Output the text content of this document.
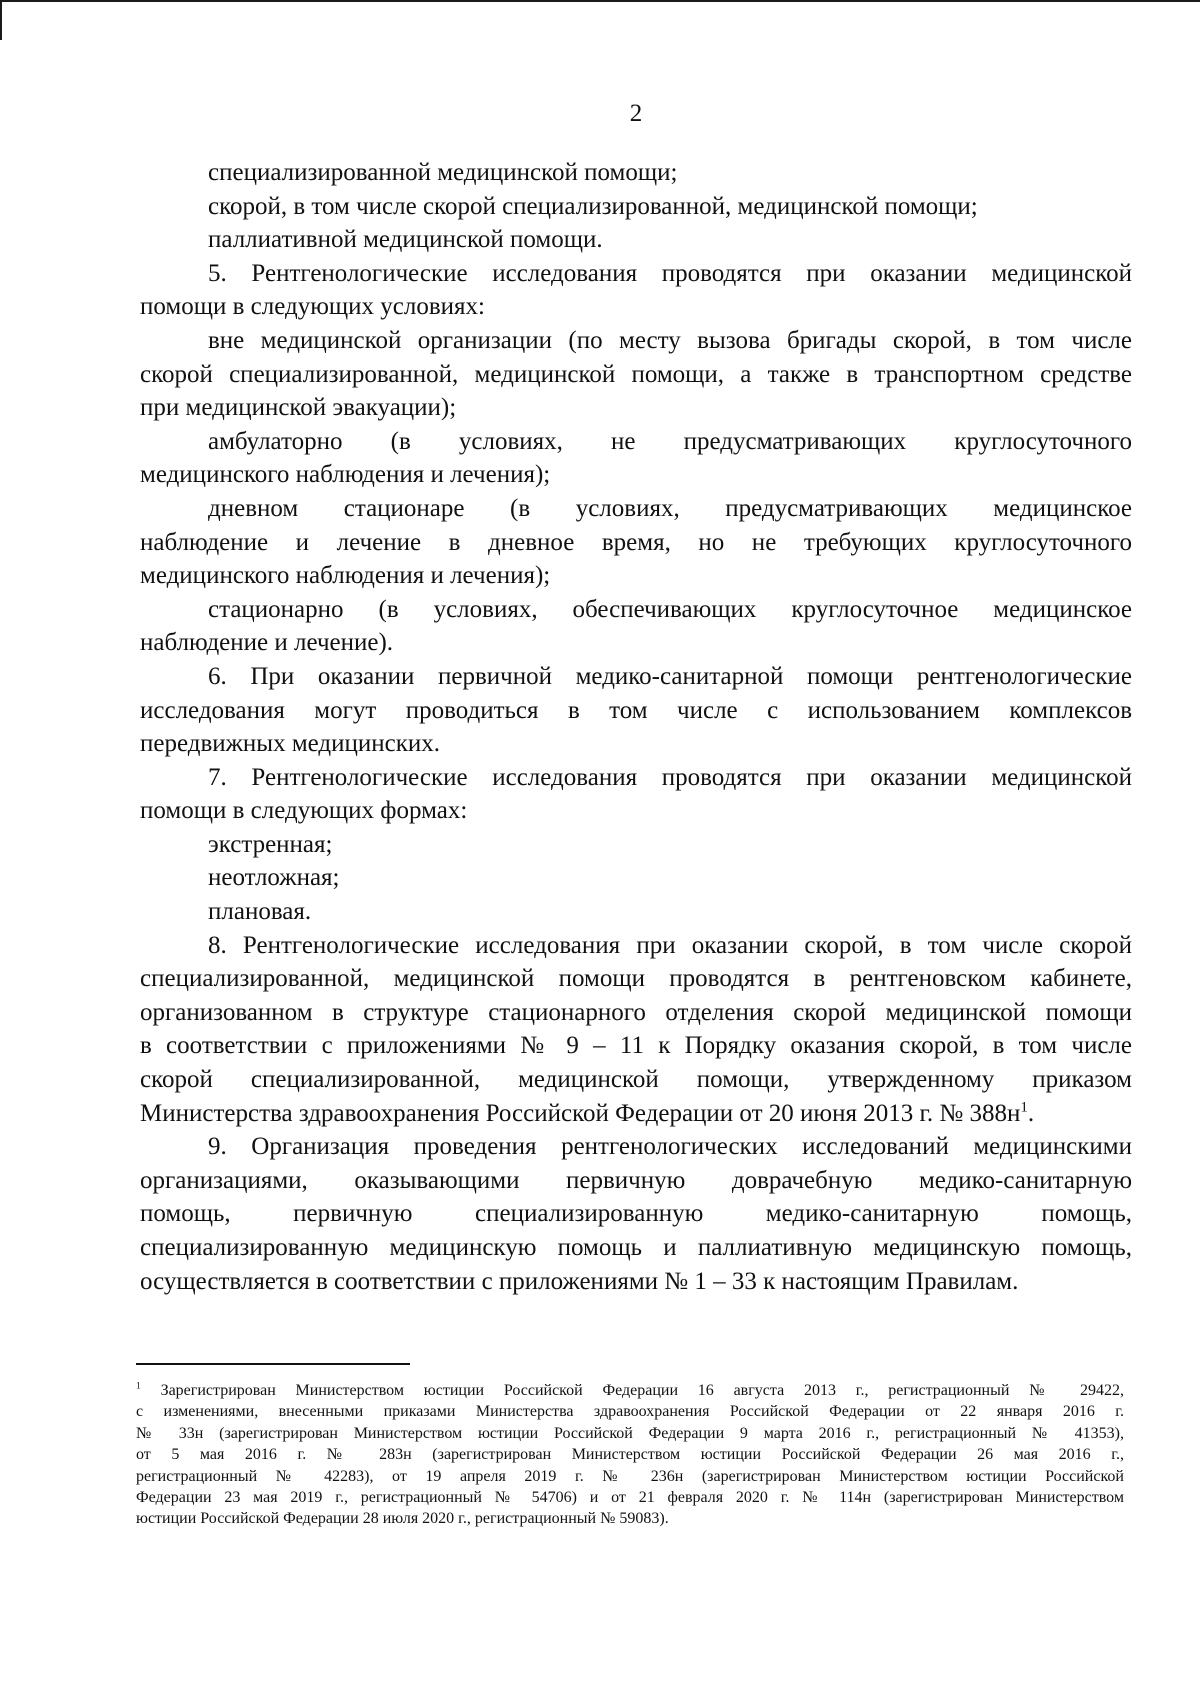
2
специализированной медицинской помощи;
скорой, в том числе скорой специализированной, медицинской помощи;
паллиативной медицинской помощи.
5. Рентгенологические исследования проводятся при оказании медицинской
помощи в следующих условиях:
вне медицинской организации (по месту вызова бригады скорой, в том числе
скорой специализированной, медицинской помощи, а также в транспортном средстве
при медицинской эвакуации);
амбулаторно (в условиях, не предусматривающих круглосуточного
медицинского наблюдения и лечения);
дневном стационаре (в условиях, предусматривающих медицинское
наблюдение и лечение в дневное время, но не требующих круглосуточного
медицинского наблюдения и лечения);
стационарно (в условиях, обеспечивающих круглосуточное медицинское
наблюдение и лечение).
6. При оказании первичной медико-санитарной помощи рентгенологические
исследования могут проводиться в том числе с использованием комплексов
передвижных медицинских.
7. Рентгенологические исследования проводятся при оказании медицинской
помощи в следующих формах:
экстренная;
неотложная;
плановая.
8. Рентгенологические исследования при оказании скорой, в том числе скорой
специализированной, медицинской помощи проводятся в рентгеновском кабинете,
организованном в структуре стационарного отделения скорой медицинской помощи
в соответствии с приложениями № 9 – 11 к Порядку оказания скорой, в том числе
скорой специализированной, медицинской помощи, утвержденному приказом
Министерства здравоохранения Российской Федерации от 20 июня 2013 г. № $388н^1$.
9. Организация проведения рентгенологических исследований медицинскими
организациями, оказывающими первичную доврачебную медико-санитарную
помощь, первичную специализированную медико-санитарную помощь,
специализированную медицинскую помощь и паллиативную медицинскую помощь,
осуществляется в соответствии с приложениями № 1 – 33 к настоящим Правилам.
$^1$ Зарегистрирован Министерством юстиции Российской Федерации 16 августа 2013 г., регистрационный № 29422,
с изменениями, внесенными приказами Министерства здравоохранения Российской Федерации от 22 января 2016 г.
№ 33н (зарегистрирован Министерством юстиции Российской Федерации 9 марта 2016 г., регистрационный № 41353),
от 5 мая 2016 г. № 283н (зарегистрирован Министерством юстиции Российской Федерации 26 мая 2016 г.,
регистрационный № 42283), от 19 апреля 2019 г. № 236н (зарегистрирован Министерством юстиции Российской
Федерации 23 мая 2019 г., регистрационный № 54706) и от 21 февраля 2020 г. № 114н (зарегистрирован Министерством
юстиции Российской Федерации 28 июля 2020 г., регистрационный № 59083).
